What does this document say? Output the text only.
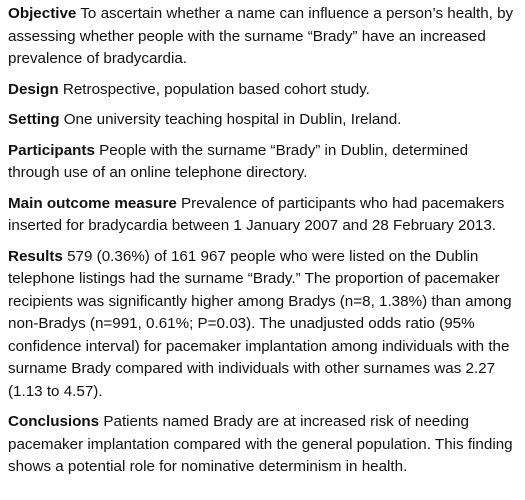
Objective To ascertain whether a name can influence a person’s health, by assessing whether people with the surname “Brady” have an increased prevalence of bradycardia.

Design Retrospective, population based cohort study.

Setting One university teaching hospital in Dublin, Ireland.

Participants People with the surname “Brady” in Dublin, determined through use of an online telephone directory.

Main outcome measure Prevalence of participants who had pacemakers inserted for bradycardia between 1 January 2007 and 28 February 2013.

Results 579 (0.36%) of 161 967 people who were listed on the Dublin telephone listings had the surname “Brady.” The proportion of pacemaker recipients was significantly higher among Bradys (n=8, 1.38%) than among non-Bradys (n=991, 0.61%; P=0.03). The unadjusted odds ratio (95% confidence interval) for pacemaker implantation among individuals with the surname Brady compared with individuals with other surnames was 2.27 (1.13 to 4.57).

Conclusions Patients named Brady are at increased risk of needing pacemaker implantation compared with the general population. This finding shows a potential role for nominative determinism in health.
